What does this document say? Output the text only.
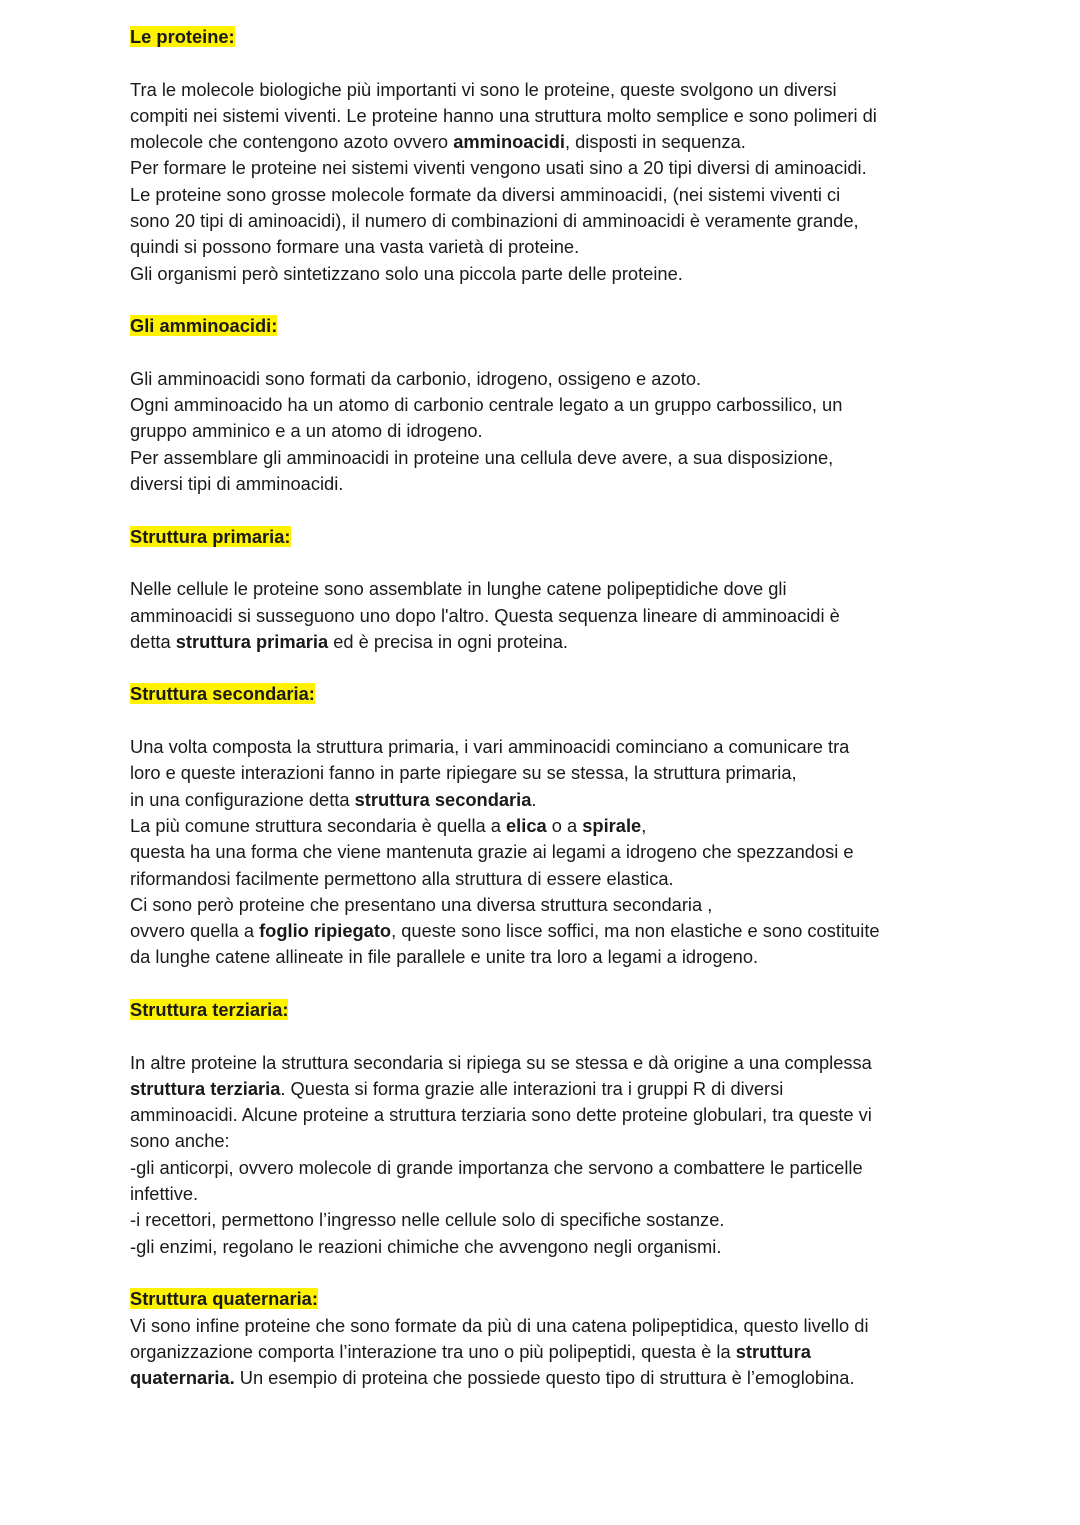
Le proteine:

Tra le molecole biologiche più importanti vi sono le proteine, queste svolgono un diversi
compiti nei sistemi viventi. Le proteine hanno una struttura molto semplice e sono polimeri di
molecole che contengono azoto ovvero amminoacidi, disposti in sequenza.
Per formare le proteine nei sistemi viventi vengono usati sino a 20 tipi diversi di aminoacidi.
Le proteine sono grosse molecole formate da diversi amminoacidi, (nei sistemi viventi ci
sono 20 tipi di aminoacidi), il numero di combinazioni di amminoacidi è veramente grande,
quindi si possono formare una vasta varietà di proteine.
Gli organismi però sintetizzano solo una piccola parte delle proteine.

Gli amminoacidi:

Gli amminoacidi sono formati da carbonio, idrogeno, ossigeno e azoto.
Ogni amminoacido ha un atomo di carbonio centrale legato a un gruppo carbossilico, un
gruppo amminico e a un atomo di idrogeno.
Per assemblare gli amminoacidi in proteine una cellula deve avere, a sua disposizione,
diversi tipi di amminoacidi.

Struttura primaria:

Nelle cellule le proteine sono assemblate in lunghe catene polipeptidiche dove gli
amminoacidi si susseguono uno dopo l'altro. Questa sequenza lineare di amminoacidi è
detta struttura primaria ed è precisa in ogni proteina.

Struttura secondaria:

Una volta composta la struttura primaria, i vari amminoacidi cominciano a comunicare tra
loro e queste interazioni fanno in parte ripiegare su se stessa, la struttura primaria,
in una configurazione detta struttura secondaria.
La più comune struttura secondaria è quella a elica o a spirale,
questa ha una forma che viene mantenuta grazie ai legami a idrogeno che spezzandosi e
riformandosi facilmente permettono alla struttura di essere elastica.
Ci sono però proteine che presentano una diversa struttura secondaria ,
ovvero quella a foglio ripiegato, queste sono lisce soffici, ma non elastiche e sono costituite
da lunghe catene allineate in file parallele e unite tra loro a legami a idrogeno.

Struttura terziaria:

In altre proteine la struttura secondaria si ripiega su se stessa e dà origine a una complessa
struttura terziaria. Questa si forma grazie alle interazioni tra i gruppi R di diversi
amminoacidi. Alcune proteine a struttura terziaria sono dette proteine globulari, tra queste vi
sono anche:
-gli anticorpi, ovvero molecole di grande importanza che servono a combattere le particelle
infettive.
-i recettori, permettono l’ingresso nelle cellule solo di specifiche sostanze.
-gli enzimi, regolano le reazioni chimiche che avvengono negli organismi.

Struttura quaternaria:

Vi sono infine proteine che sono formate da più di una catena polipeptidica, questo livello di
organizzazione comporta l’interazione tra uno o più polipeptidi, questa è la struttura
quaternaria. Un esempio di proteina che possiede questo tipo di struttura è l’emoglobina.
